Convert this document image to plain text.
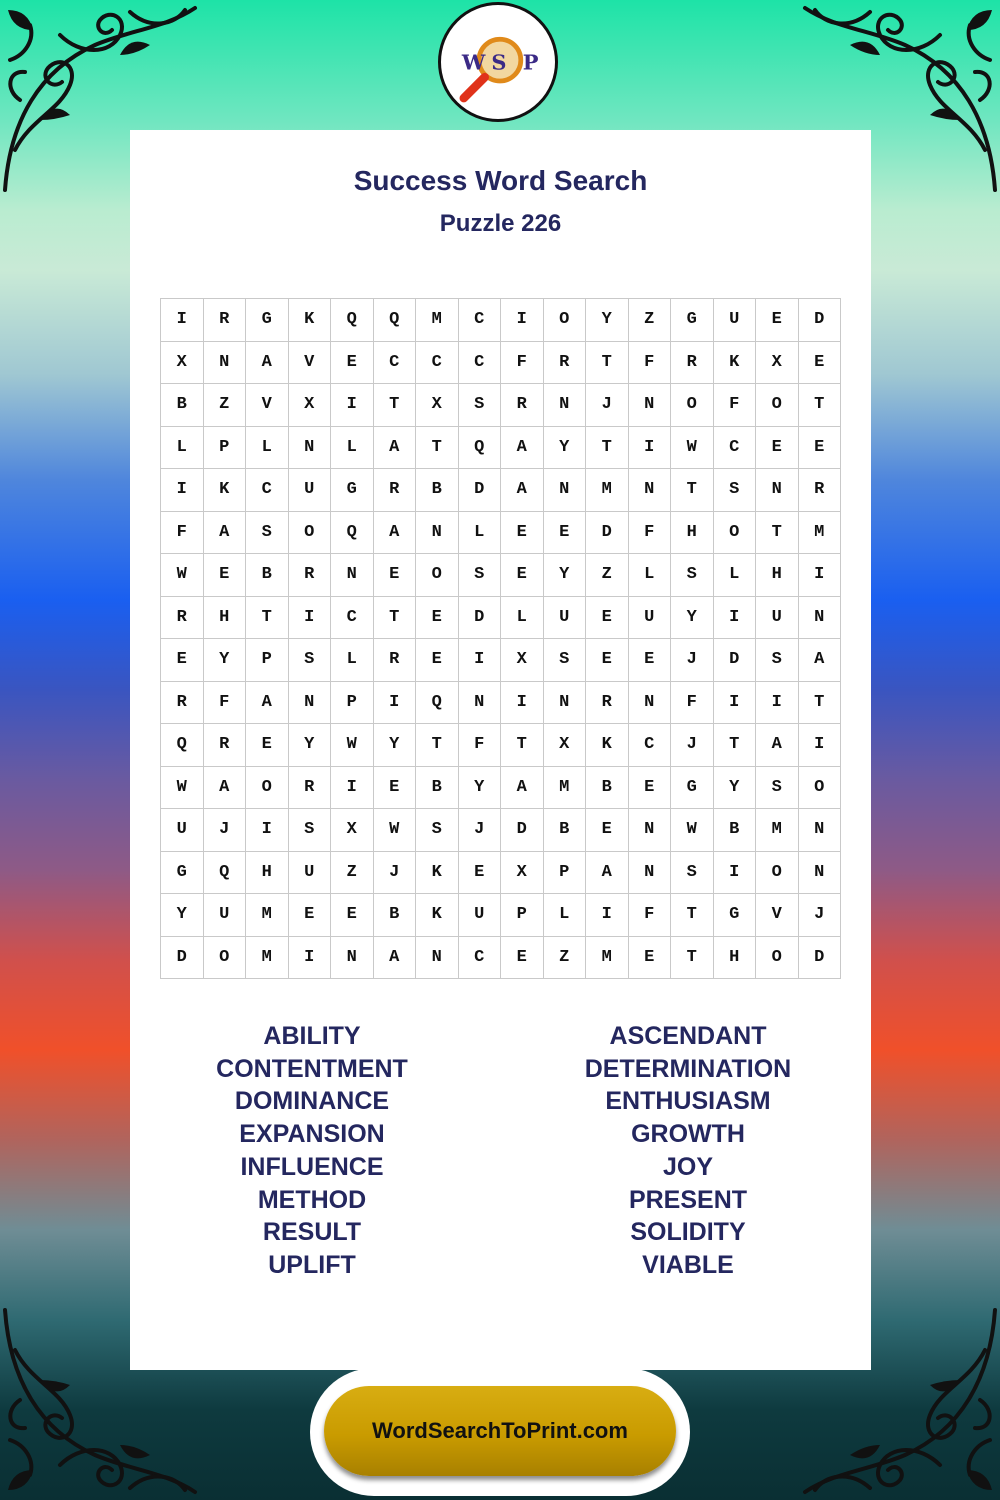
W S P
Success Word Search
Puzzle 226
I	R	G	K	Q	Q	M	C	I	O	Y	Z	G	U	E	D
X	N	A	V	E	C	C	C	F	R	T	F	R	K	X	E
B	Z	V	X	I	T	X	S	R	N	J	N	O	F	O	T
L	P	L	N	L	A	T	Q	A	Y	T	I	W	C	E	E
I	K	C	U	G	R	B	D	A	N	M	N	T	S	N	R
F	A	S	O	Q	A	N	L	E	E	D	F	H	O	T	M
W	E	B	R	N	E	O	S	E	Y	Z	L	S	L	H	I
R	H	T	I	C	T	E	D	L	U	E	U	Y	I	U	N
E	Y	P	S	L	R	E	I	X	S	E	E	J	D	S	A
R	F	A	N	P	I	Q	N	I	N	R	N	F	I	I	T
Q	R	E	Y	W	Y	T	F	T	X	K	C	J	T	A	I
W	A	O	R	I	E	B	Y	A	M	B	E	G	Y	S	O
U	J	I	S	X	W	S	J	D	B	E	N	W	B	M	N
G	Q	H	U	Z	J	K	E	X	P	A	N	S	I	O	N
Y	U	M	E	E	B	K	U	P	L	I	F	T	G	V	J
D	O	M	I	N	A	N	C	E	Z	M	E	T	H	O	D
ABILITY
CONTENTMENT
DOMINANCE
EXPANSION
INFLUENCE
METHOD
RESULT
UPLIFT
ASCENDANT
DETERMINATION
ENTHUSIASM
GROWTH
JOY
PRESENT
SOLIDITY
VIABLE
WordSearchToPrint.com
